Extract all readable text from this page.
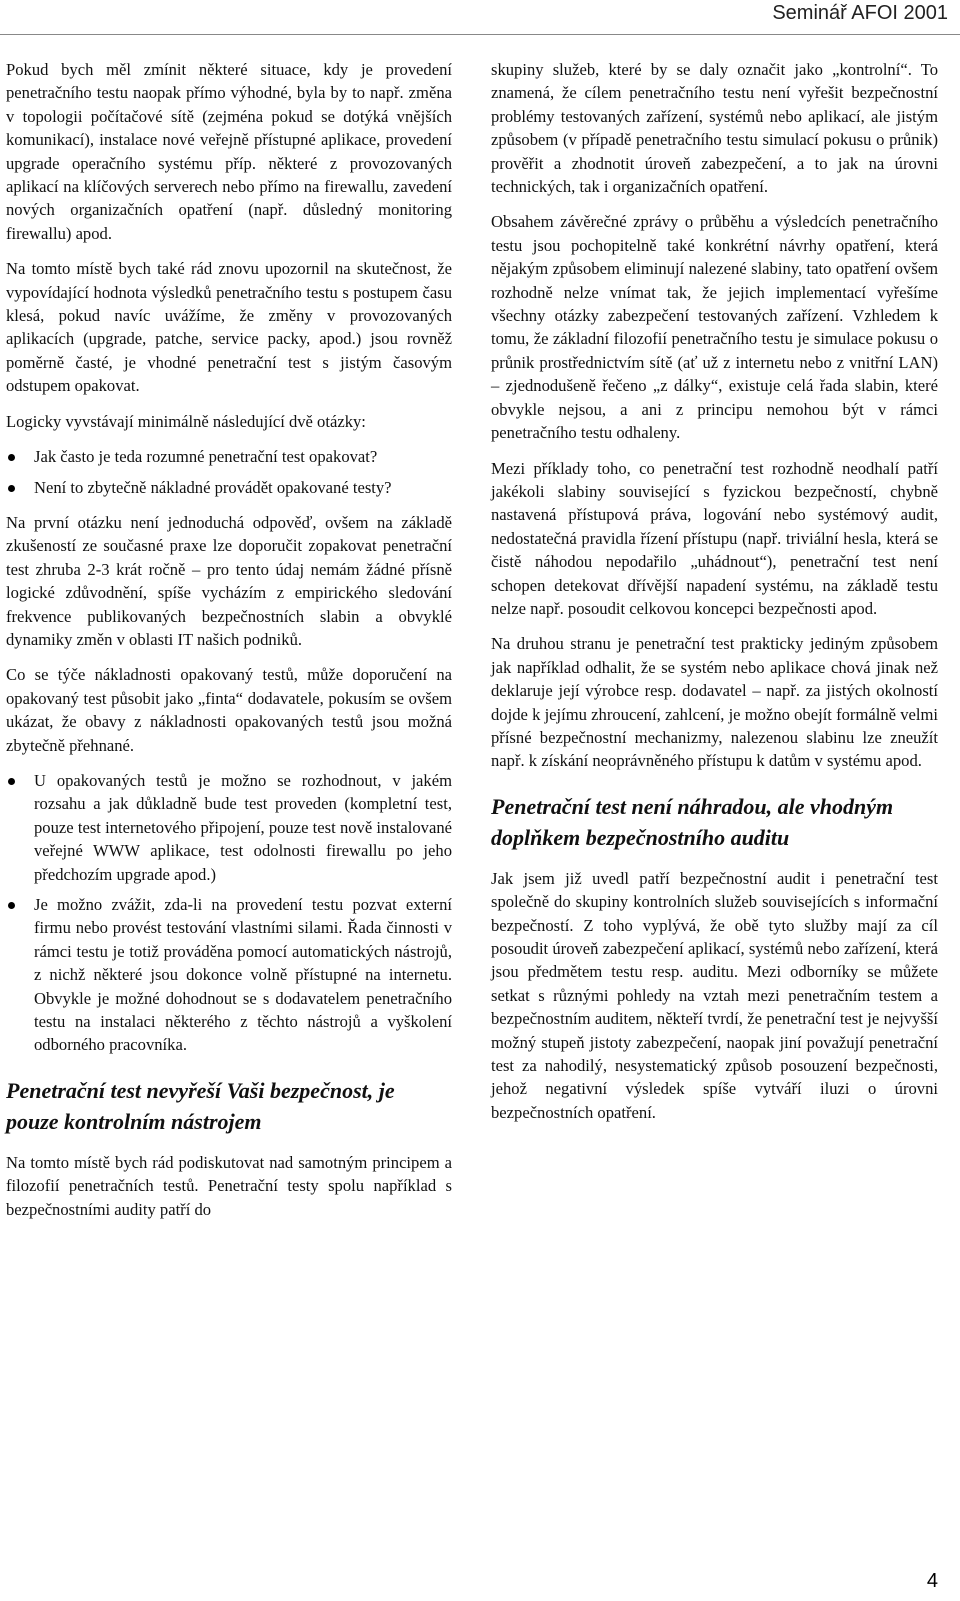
Seminář AFOI 2001

Pokud bych měl zmínit některé situace, kdy je provedení penetračního testu naopak přímo výhodné, byla by to např. změna v topologii počítačové sítě (zejména pokud se dotýká vnějších komunikací), instalace nové veřejně přístupné aplikace, provedení upgrade operačního systému příp. některé z provozovaných aplikací na klíčových serverech nebo přímo na firewallu, zavedení nových organizačních opatření (např. důsledný monitoring firewallu) apod.

Na tomto místě bych také rád znovu upozornil na skutečnost, že vypovídající hodnota výsledků penetračního testu s postupem času klesá, pokud navíc uvážíme, že změny v provozovaných aplikacích (upgrade, patche, service packy, apod.) jsou rovněž poměrně časté, je vhodné penetrační test s jistým časovým odstupem opakovat.

Logicky vyvstávají minimálně následující dvě otázky:

Jak často je teda rozumné penetrační test opakovat?
Není to zbytečně nákladné provádět opakované testy?

Na první otázku není jednoduchá odpověď, ovšem na základě zkušeností ze současné praxe lze doporučit zopakovat penetrační test zhruba 2-3 krát ročně – pro tento údaj nemám žádné přísně logické zdůvodnění, spíše vycházím z empirického sledování frekvence publikovaných bezpečnostních slabin a obvyklé dynamiky změn v oblasti IT našich podniků.

Co se týče nákladnosti opakovaný testů, může doporučení na opakovaný test působit jako „finta“ dodavatele, pokusím se ovšem ukázat, že obavy z nákladnosti opakovaných testů jsou možná zbytečně přehnané.

U opakovaných testů je možno se rozhodnout, v jakém rozsahu a jak důkladně bude test proveden (kompletní test, pouze test internetového připojení, pouze test nově instalované veřejné WWW aplikace, test odolnosti firewallu po jeho předchozím upgrade apod.)
Je možno zvážit, zda-li na provedení testu pozvat externí firmu nebo provést testování vlastními silami. Řada činnosti v rámci testu je totiž prováděna pomocí automatických nástrojů, z nichž některé jsou dokonce volně přístupné na internetu. Obvykle je možné dohodnout se s dodavatelem penetračního testu na instalaci některého z těchto nástrojů a vyškolení odborného pracovníka.
Penetrační test nevyřeší Vaši bezpečnost, je pouze kontrolním nástrojem

Na tomto místě bych rád podiskutovat nad samotným principem a filozofií penetračních testů. Penetrační testy spolu například s bezpečnostními audity patří do

skupiny služeb, které by se daly označit jako „kontrolní“. To znamená, že cílem penetračního testu není vyřešit bezpečnostní problémy testovaných zařízení, systémů nebo aplikací, ale jistým způsobem (v případě penetračního testu simulací pokusu o průnik) prověřit a zhodnotit úroveň zabezpečení, a to jak na úrovni technických, tak i organizačních opatření.

Obsahem závěrečné zprávy o průběhu a výsledcích penetračního testu jsou pochopitelně také konkrétní návrhy opatření, která nějakým způsobem eliminují nalezené slabiny, tato opatření ovšem rozhodně nelze vnímat tak, že jejich implementací vyřešíme všechny otázky zabezpečení testovaných zařízení. Vzhledem k tomu, že základní filozofií penetračního testu je simulace pokusu o průnik prostřednictvím sítě (ať už z internetu nebo z vnitřní LAN) – zjednodušeně řečeno „z dálky“, existuje celá řada slabin, které obvykle nejsou, a ani z principu nemohou být v rámci penetračního testu odhaleny.

Mezi příklady toho, co penetrační test rozhodně neodhalí patří jakékoli slabiny související s fyzickou bezpečností, chybně nastavená přístupová práva, logování nebo systémový audit, nedostatečná pravidla řízení přístupu (např. triviální hesla, která se čistě náhodou nepodařilo „uhádnout“), penetrační test není schopen detekovat dřívější napadení systému, na základě testu nelze např. posoudit celkovou koncepci bezpečnosti apod.

Na druhou stranu je penetrační test prakticky jediným způsobem jak například odhalit, že se systém nebo aplikace chová jinak než deklaruje její výrobce resp. dodavatel – např. za jistých okolností dojde k jejímu zhroucení, zahlcení, je možno obejít formálně velmi přísné bezpečnostní mechanizmy, nalezenou slabinu lze zneužít např. k získání neoprávněného přístupu k datům v systému apod.

Penetrační test není náhradou, ale vhodným doplňkem bezpečnostního auditu

Jak jsem již uvedl patří bezpečnostní audit i penetrační test společně do skupiny kontrolních služeb souvisejících s informační bezpečností. Z toho vyplývá, že obě tyto služby mají za cíl posoudit úroveň zabezpečení aplikací, systémů nebo zařízení, která jsou předmětem testu resp. auditu. Mezi odborníky se můžete setkat s různými pohledy na vztah mezi penetračním testem a bezpečnostním auditem, někteří tvrdí, že penetrační test je nejvyšší možný stupeň jistoty zabezpečení, naopak jiní považují penetrační test za nahodilý, nesystematický způsob posouzení bezpečnosti, jehož negativní výsledek spíše vytváří iluzi o úrovni bezpečnostních opatření.

4
